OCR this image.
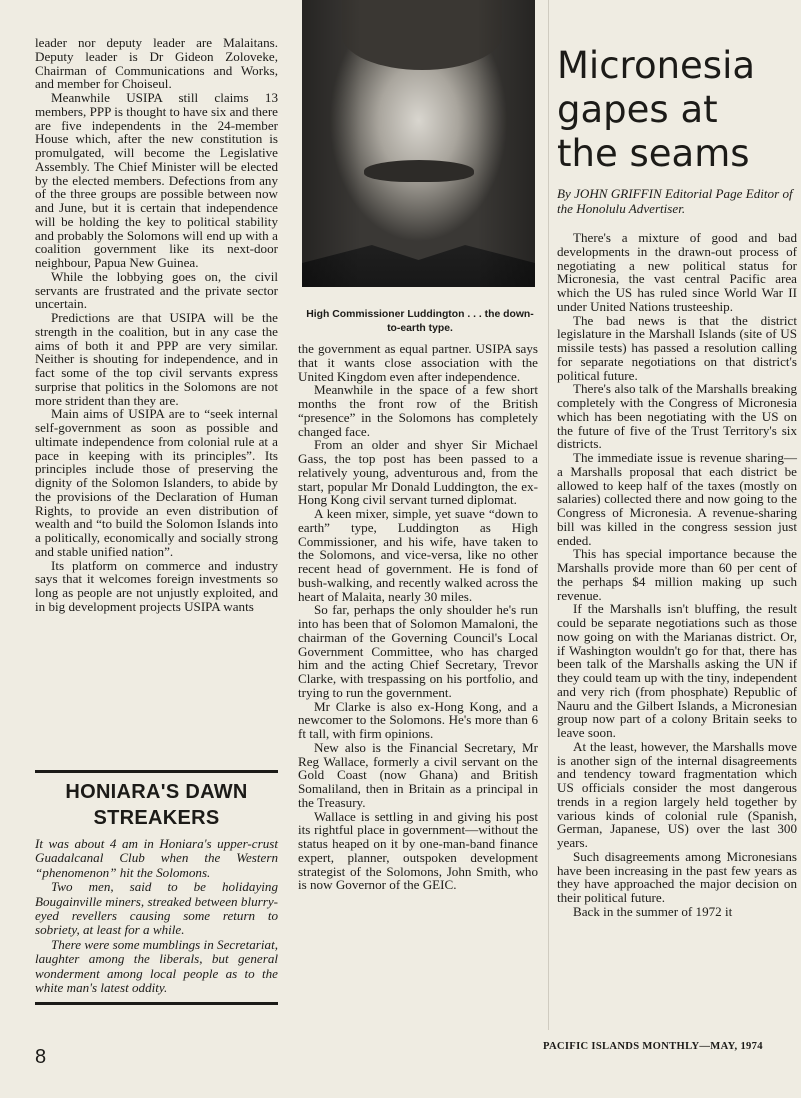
leader nor deputy leader are Malaitans. Deputy leader is Dr Gideon Zoloveke, Chairman of Communications and Works, and member for Choiseul.

Meanwhile USIPA still claims 13 members, PPP is thought to have six and there are five independents in the 24-member House which, after the new constitution is promulgated, will become the Legislative Assembly. The Chief Minister will be elected by the elected members. Defections from any of the three groups are possible between now and June, but it is certain that independence will be holding the key to political stability and probably the Solomons will end up with a coalition government like its next-door neighbour, Papua New Guinea.

While the lobbying goes on, the civil servants are frustrated and the private sector uncertain.

Predictions are that USIPA will be the strength in the coalition, but in any case the aims of both it and PPP are very similar. Neither is shouting for independence, and in fact some of the top civil servants express surprise that politics in the Solomons are not more strident than they are.

Main aims of USIPA are to “seek internal self-government as soon as possible and ultimate independence from colonial rule at a pace in keeping with its principles”. Its principles include those of preserving the dignity of the Solomon Islanders, to abide by the provisions of the Declaration of Human Rights, to provide an even distribution of wealth and “to build the Solomon Islands into a politically, economically and socially strong and stable unified nation”.

Its platform on commerce and industry says that it welcomes foreign investments so long as people are not unjustly exploited, and in big development projects USIPA wants

High Commissioner Luddington . . . the down-to-earth type.

the government as equal partner. USIPA says that it wants close association with the United Kingdom even after independence.

Meanwhile in the space of a few short months the front row of the British “presence” in the Solomons has completely changed face.

From an older and shyer Sir Michael Gass, the top post has been passed to a relatively young, adventurous and, from the start, popular Mr Donald Luddington, the ex-Hong Kong civil servant turned diplomat.

A keen mixer, simple, yet suave “down to earth” type, Luddington as High Commissioner, and his wife, have taken to the Solomons, and vice-versa, like no other recent head of government. He is fond of bush-walking, and recently walked across the heart of Malaita, nearly 30 miles.

So far, perhaps the only shoulder he's run into has been that of Solomon Mamaloni, the chairman of the Governing Council's Local Government Committee, who has charged him and the acting Chief Secretary, Trevor Clarke, with trespassing on his portfolio, and trying to run the government.

Mr Clarke is also ex-Hong Kong, and a newcomer to the Solomons. He's more than 6 ft tall, with firm opinions.

New also is the Financial Secretary, Mr Reg Wallace, formerly a civil servant on the Gold Coast (now Ghana) and British Somaliland, then in Britain as a principal in the Treasury.

Wallace is settling in and giving his post its rightful place in government—without the status heaped on it by one-man-band finance expert, planner, outspoken development strategist of the Solomons, John Smith, who is now Governor of the GEIC.

HONIARA'S DAWN STREAKERS

It was about 4 am in Honiara's upper-crust Guadalcanal Club when the Western “phenomenon” hit the Solomons.

Two men, said to be holidaying Bougainville miners, streaked between blurry-eyed revellers causing some return to sobriety, at least for a while.

There were some mumblings in Secretariat, laughter among the liberals, but general wonderment among local people as to the white man's latest oddity.

Micronesia
gapes at
the seams

By JOHN GRIFFIN Editorial Page Editor of the Honolulu Advertiser.

There's a mixture of good and bad developments in the drawn-out process of negotiating a new political status for Micronesia, the vast central Pacific area which the US has ruled since World War II under United Nations trusteeship.

The bad news is that the district legislature in the Marshall Islands (site of US missile tests) has passed a resolution calling for separate negotiations on that district's political future.

There's also talk of the Marshalls breaking completely with the Congress of Micronesia which has been negotiating with the US on the future of five of the Trust Territory's six districts.

The immediate issue is revenue sharing—a Marshalls proposal that each district be allowed to keep half of the taxes (mostly on salaries) collected there and now going to the Congress of Micronesia. A revenue-sharing bill was killed in the congress session just ended.

This has special importance because the Marshalls provide more than 60 per cent of the perhaps $4 million making up such revenue.

If the Marshalls isn't bluffing, the result could be separate negotiations such as those now going on with the Marianas district. Or, if Washington wouldn't go for that, there has been talk of the Marshalls asking the UN if they could team up with the tiny, independent and very rich (from phosphate) Republic of Nauru and the Gilbert Islands, a Micronesian group now part of a colony Britain seeks to leave soon.

At the least, however, the Marshalls move is another sign of the internal disagreements and tendency toward fragmentation which US officials consider the most dangerous trends in a region largely held together by various kinds of colonial rule (Spanish, German, Japanese, US) over the last 300 years.

Such disagreements among Micronesians have been increasing in the past few years as they have approached the major decision on their political future.

Back in the summer of 1972 it

8	PACIFIC ISLANDS MONTHLY—MAY, 1974
